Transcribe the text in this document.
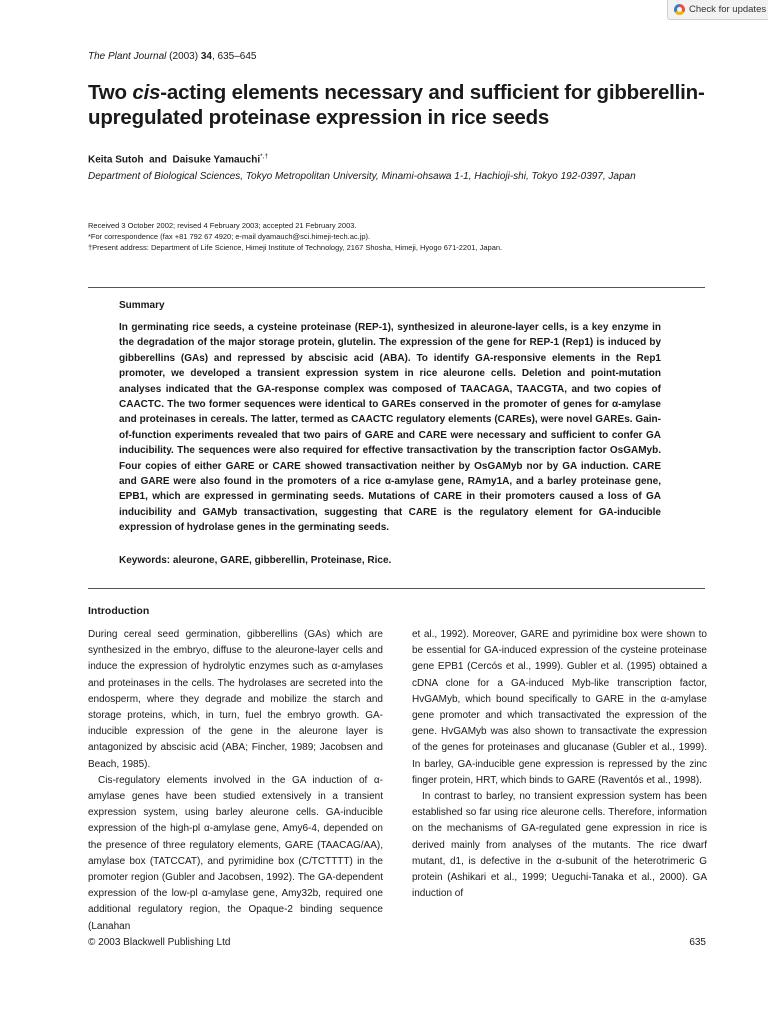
Check for updates
The Plant Journal (2003) 34, 635–645
Two cis-acting elements necessary and sufficient for gibberellin-upregulated proteinase expression in rice seeds
Keita Sutoh  and  Daisuke Yamauchi*,†
Department of Biological Sciences, Tokyo Metropolitan University, Minami-ohsawa 1-1, Hachioji-shi, Tokyo 192-0397, Japan
Received 3 October 2002; revised 4 February 2003; accepted 21 February 2003.
*For correspondence (fax +81 792 67 4920; e-mail dyamauch@sci.himeji-tech.ac.jp).
†Present address: Department of Life Science, Himeji Institute of Technology, 2167 Shosha, Himeji, Hyogo 671-2201, Japan.
Summary

In germinating rice seeds, a cysteine proteinase (REP-1), synthesized in aleurone-layer cells, is a key enzyme in the degradation of the major storage protein, glutelin. The expression of the gene for REP-1 (Rep1) is induced by gibberellins (GAs) and repressed by abscisic acid (ABA). To identify GA-responsive elements in the Rep1 promoter, we developed a transient expression system in rice aleurone cells. Deletion and point-mutation analyses indicated that the GA-response complex was composed of TAACAGA, TAACGTA, and two copies of CAACTC. The two former sequences were identical to GAREs conserved in the promoter of genes for α-amylase and proteinases in cereals. The latter, termed as CAACTC regulatory elements (CAREs), were novel GAREs. Gain-of-function experiments revealed that two pairs of GARE and CARE were necessary and sufficient to confer GA inducibility. The sequences were also required for effective transactivation by the transcription factor OsGAMyb. Four copies of either GARE or CARE showed transactivation neither by OsGAMyb nor by GA induction. CARE and GARE were also found in the promoters of a rice α-amylase gene, RAmy1A, and a barley proteinase gene, EPB1, which are expressed in germinating seeds. Mutations of CARE in their promoters caused a loss of GA inducibility and GAMyb transactivation, suggesting that CARE is the regulatory element for GA-inducible expression of hydrolase genes in the germinating seeds.

Keywords: aleurone, GARE, gibberellin, Proteinase, Rice.
Introduction

During cereal seed germination, gibberellins (GAs) which are synthesized in the embryo, diffuse to the aleurone-layer cells and induce the expression of hydrolytic enzymes such as α-amylases and proteinases in the cells. The hydrolases are secreted into the endosperm, where they degrade and mobilize the starch and storage proteins, which, in turn, fuel the embryo growth. GA-inducible expression of the gene in the aleurone layer is antagonized by abscisic acid (ABA; Fincher, 1989; Jacobsen and Beach, 1985).

Cis-regulatory elements involved in the GA induction of α-amylase genes have been studied extensively in a transient expression system, using barley aleurone cells. GA-inducible expression of the high-pl α-amylase gene, Amy6-4, depended on the presence of three regulatory elements, GARE (TAACAG/AA), amylase box (TATCCAT), and pyrimidine box (C/TCTTTT) in the promoter region (Gubler and Jacobsen, 1992). The GA-dependent expression of the low-pl α-amylase gene, Amy32b, required one additional regulatory region, the Opaque-2 binding sequence (Lanahan

et al., 1992). Moreover, GARE and pyrimidine box were shown to be essential for GA-induced expression of the cysteine proteinase gene EPB1 (Cercós et al., 1999). Gubler et al. (1995) obtained a cDNA clone for a GA-induced Myb-like transcription factor, HvGAMyb, which bound specifically to GARE in the α-amylase gene promoter and which transactivated the expression of the gene. HvGAMyb was also shown to transactivate the expression of the genes for proteinases and glucanase (Gubler et al., 1999). In barley, GA-inducible gene expression is repressed by the zinc finger protein, HRT, which binds to GARE (Raventós et al., 1998).

In contrast to barley, no transient expression system has been established so far using rice aleurone cells. Therefore, information on the mechanisms of GA-regulated gene expression in rice is derived mainly from analyses of the mutants. The rice dwarf mutant, d1, is defective in the α-subunit of the heterotrimeric G protein (Ashikari et al., 1999; Ueguchi-Tanaka et al., 2000). GA induction of

© 2003 Blackwell Publishing Ltd	635
